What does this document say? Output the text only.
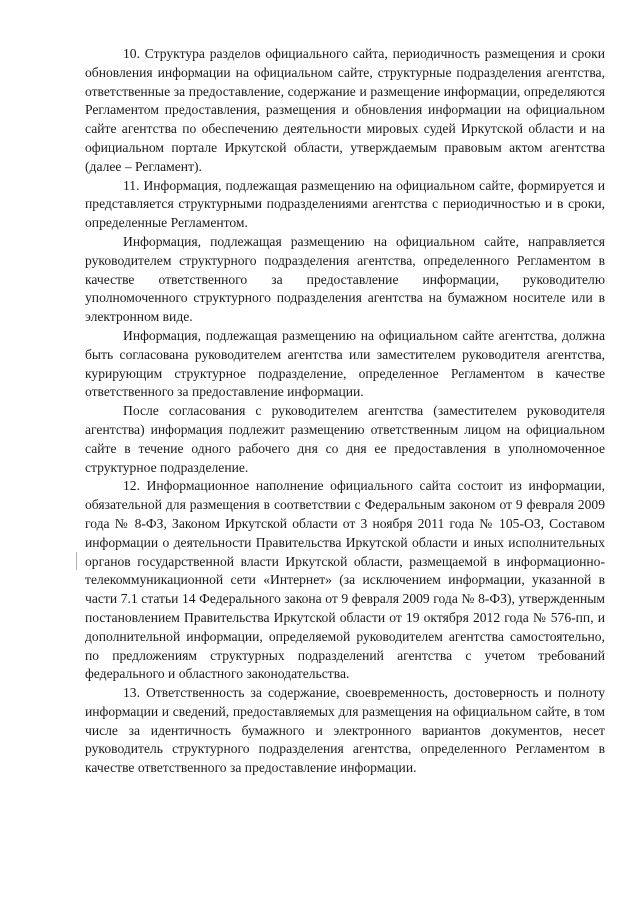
10. Структура разделов официального сайта, периодичность размещения и сроки обновления информации на официальном сайте, структурные подразделения агентства, ответственные за предоставление, содержание и размещение информации, определяются Регламентом предоставления, размещения и обновления информации на официальном сайте агентства по обеспечению деятельности мировых судей Иркутской области и на официальном портале Иркутской области, утверждаемым правовым актом агентства (далее – Регламент).

11. Информация, подлежащая размещению на официальном сайте, формируется и представляется структурными подразделениями агентства с периодичностью и в сроки, определенные Регламентом.

Информация, подлежащая размещению на официальном сайте, направляется руководителем структурного подразделения агентства, определенного Регламентом в качестве ответственного за предоставление информации, руководителю уполномоченного структурного подразделения агентства на бумажном носителе или в электронном виде.

Информация, подлежащая размещению на официальном сайте агентства, должна быть согласована руководителем агентства или заместителем руководителя агентства, курирующим структурное подразделение, определенное Регламентом в качестве ответственного за предоставление информации.

После согласования с руководителем агентства (заместителем руководителя агентства) информация подлежит размещению ответственным лицом на официальном сайте в течение одного рабочего дня со дня ее предоставления в уполномоченное структурное подразделение.

12. Информационное наполнение официального сайта состоит из информации, обязательной для размещения в соответствии с Федеральным законом от 9 февраля 2009 года № 8-ФЗ, Законом Иркутской области от 3 ноября 2011 года № 105-ОЗ, Составом информации о деятельности Правительства Иркутской области и иных исполнительных органов государственной власти Иркутской области, размещаемой в информационно-телекоммуникационной сети «Интернет» (за исключением информации, указанной в части 7.1 статьи 14 Федерального закона от 9 февраля 2009 года № 8-ФЗ), утвержденным постановлением Правительства Иркутской области от 19 октября 2012 года № 576-пп, и дополнительной информации, определяемой руководителем агентства самостоятельно, по предложениям структурных подразделений агентства с учетом требований федерального и областного законодательства.

13. Ответственность за содержание, своевременность, достоверность и полноту информации и сведений, предоставляемых для размещения на официальном сайте, в том числе за идентичность бумажного и электронного вариантов документов, несет руководитель структурного подразделения агентства, определенного Регламентом в качестве ответственного за предоставление информации.
